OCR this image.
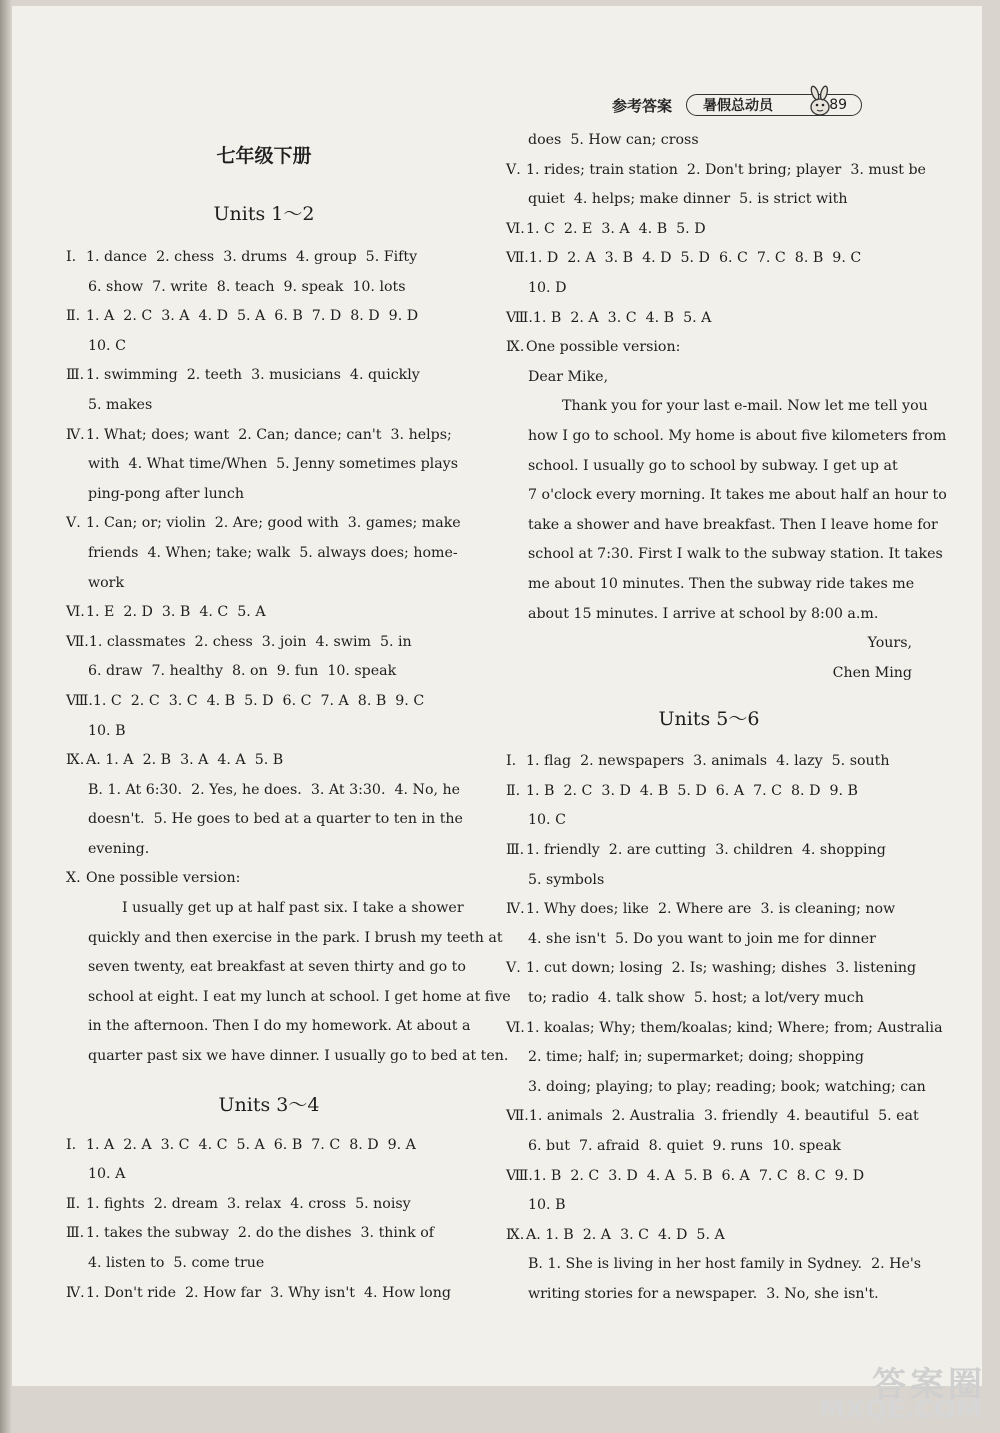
参考答案 暑假总动员	89
七年级下册
Units 1～2
Ⅰ. 1. dance  2. chess  3. drums  4. group  5. Fifty
6. show  7. write  8. teach  9. speak  10. lots
Ⅱ. 1. A  2. C  3. A  4. D  5. A  6. B  7. D  8. D  9. D
10. C
Ⅲ. 1. swimming  2. teeth  3. musicians  4. quickly
5. makes
Ⅳ.1. What; does; want  2. Can; dance; can't  3. helps;
with  4. What time/When  5. Jenny sometimes plays
ping-pong after lunch
Ⅴ. 1. Can; or; violin  2. Are; good with  3. games; make
friends  4. When; take; walk  5. always does; home-
work
Ⅵ.1. E  2. D  3. B  4. C  5. A
Ⅶ.1. classmates  2. chess  3. join  4. swim  5. in
6. draw  7. healthy  8. on  9. fun  10. speak
Ⅷ.1. C  2. C  3. C  4. B  5. D  6. C  7. A  8. B  9. C
10. B
Ⅸ. A. 1. A  2. B  3. A  4. A  5. B
B. 1. At 6:30.  2. Yes, he does.  3. At 3:30.  4. No, he
doesn't.  5. He goes to bed at a quarter to ten in the
evening.
Ⅹ. One possible version:
I usually get up at half past six. I take a shower
quickly and then exercise in the park. I brush my teeth at
seven twenty, eat breakfast at seven thirty and go to
school at eight. I eat my lunch at school. I get home at five
in the afternoon. Then I do my homework. At about a
quarter past six we have dinner. I usually go to bed at ten.
Units 3～4
Ⅰ. 1. A  2. A  3. C  4. C  5. A  6. B  7. C  8. D  9. A
10. A
Ⅱ. 1. fights  2. dream  3. relax  4. cross  5. noisy
Ⅲ. 1. takes the subway  2. do the dishes  3. think of
4. listen to  5. come true
Ⅳ.1. Don't ride  2. How far  3. Why isn't  4. How long
does  5. How can; cross
Ⅴ. 1. rides; train station  2. Don't bring; player  3. must be
quiet  4. helps; make dinner  5. is strict with
Ⅵ.1. C  2. E  3. A  4. B  5. D
Ⅶ.1. D  2. A  3. B  4. D  5. D  6. C  7. C  8. B  9. C
10. D
Ⅷ.1. B  2. A  3. C  4. B  5. A
Ⅸ. One possible version:
Dear Mike,
Thank you for your last e-mail. Now let me tell you
how I go to school. My home is about five kilometers from
school. I usually go to school by subway. I get up at
7 o'clock every morning. It takes me about half an hour to
take a shower and have breakfast. Then I leave home for
school at 7:30. First I walk to the subway station. It takes
me about 10 minutes. Then the subway ride takes me
about 15 minutes. I arrive at school by 8:00 a.m.
Yours,
Chen Ming
Units 5～6
Ⅰ. 1. flag  2. newspapers  3. animals  4. lazy  5. south
Ⅱ. 1. B  2. C  3. D  4. B  5. D  6. A  7. C  8. D  9. B
10. C
Ⅲ. 1. friendly  2. are cutting  3. children  4. shopping
5. symbols
Ⅳ.1. Why does; like  2. Where are  3. is cleaning; now
4. she isn't  5. Do you want to join me for dinner
Ⅴ. 1. cut down; losing  2. Is; washing; dishes  3. listening
to; radio  4. talk show  5. host; a lot/very much
Ⅵ.1. koalas; Why; them/koalas; kind; Where; from; Australia
2. time; half; in; supermarket; doing; shopping
3. doing; playing; to play; reading; book; watching; can
Ⅶ.1. animals  2. Australia  3. friendly  4. beautiful  5. eat
6. but  7. afraid  8. quiet  9. runs  10. speak
Ⅷ.1. B  2. C  3. D  4. A  5. B  6. A  7. C  8. C  9. D
10. B
Ⅸ. A. 1. B  2. A  3. C  4. D  5. A
B. 1. She is living in her host family in Sydney.  2. He's
writing stories for a newspaper.  3. No, she isn't.
答案圈
MXQE.COM
